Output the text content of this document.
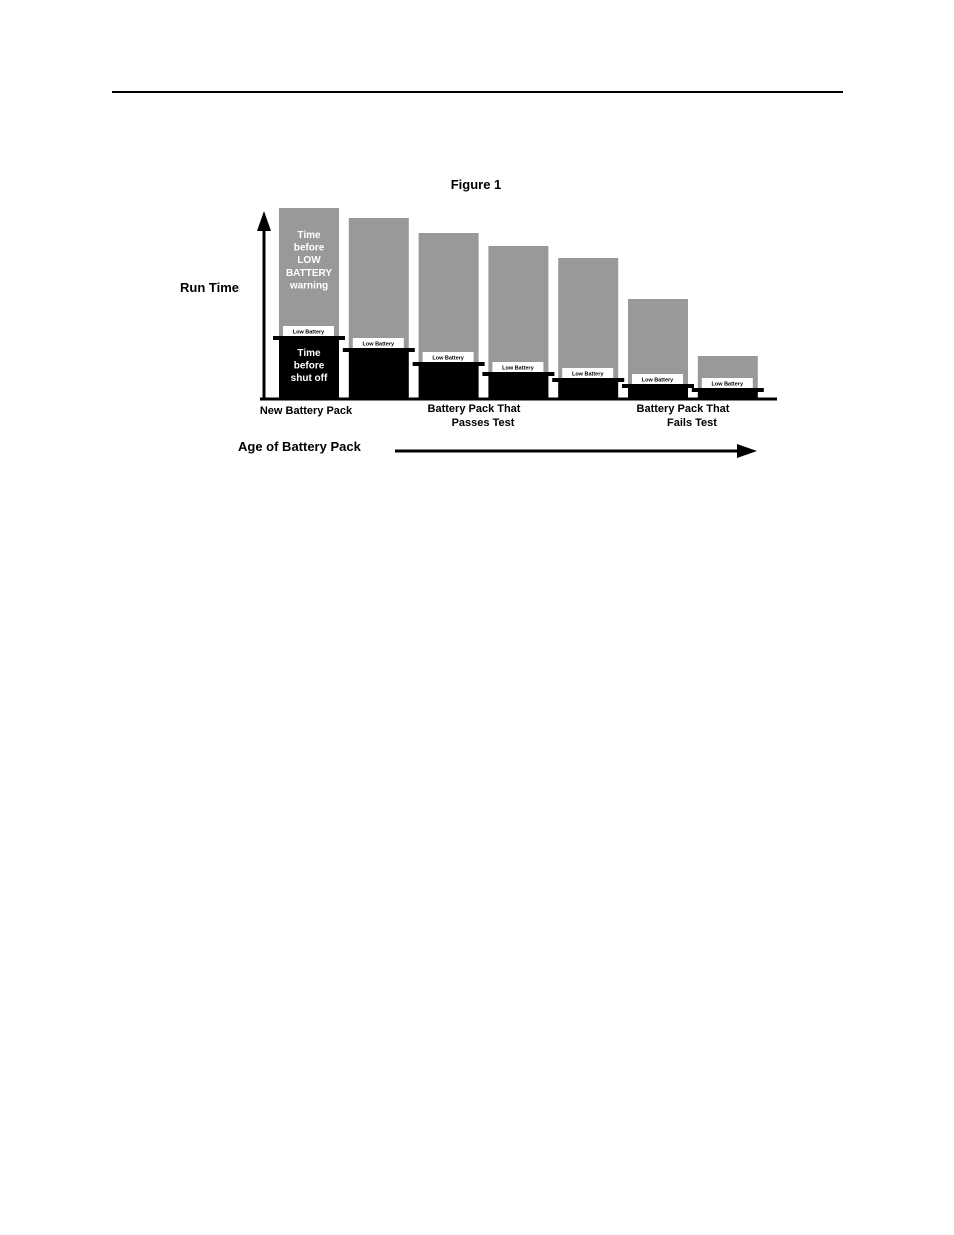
Figure 1
Low Battery
Time
before
LOW
BATTERY
warning
Time
before
shut off
Low Battery
Low Battery
Low Battery
Low Battery
Low Battery
Low Battery
Run Time
New Battery Pack	Battery Pack That
Passes Test
Battery Pack That
Fails Test
Age of Battery Pack
